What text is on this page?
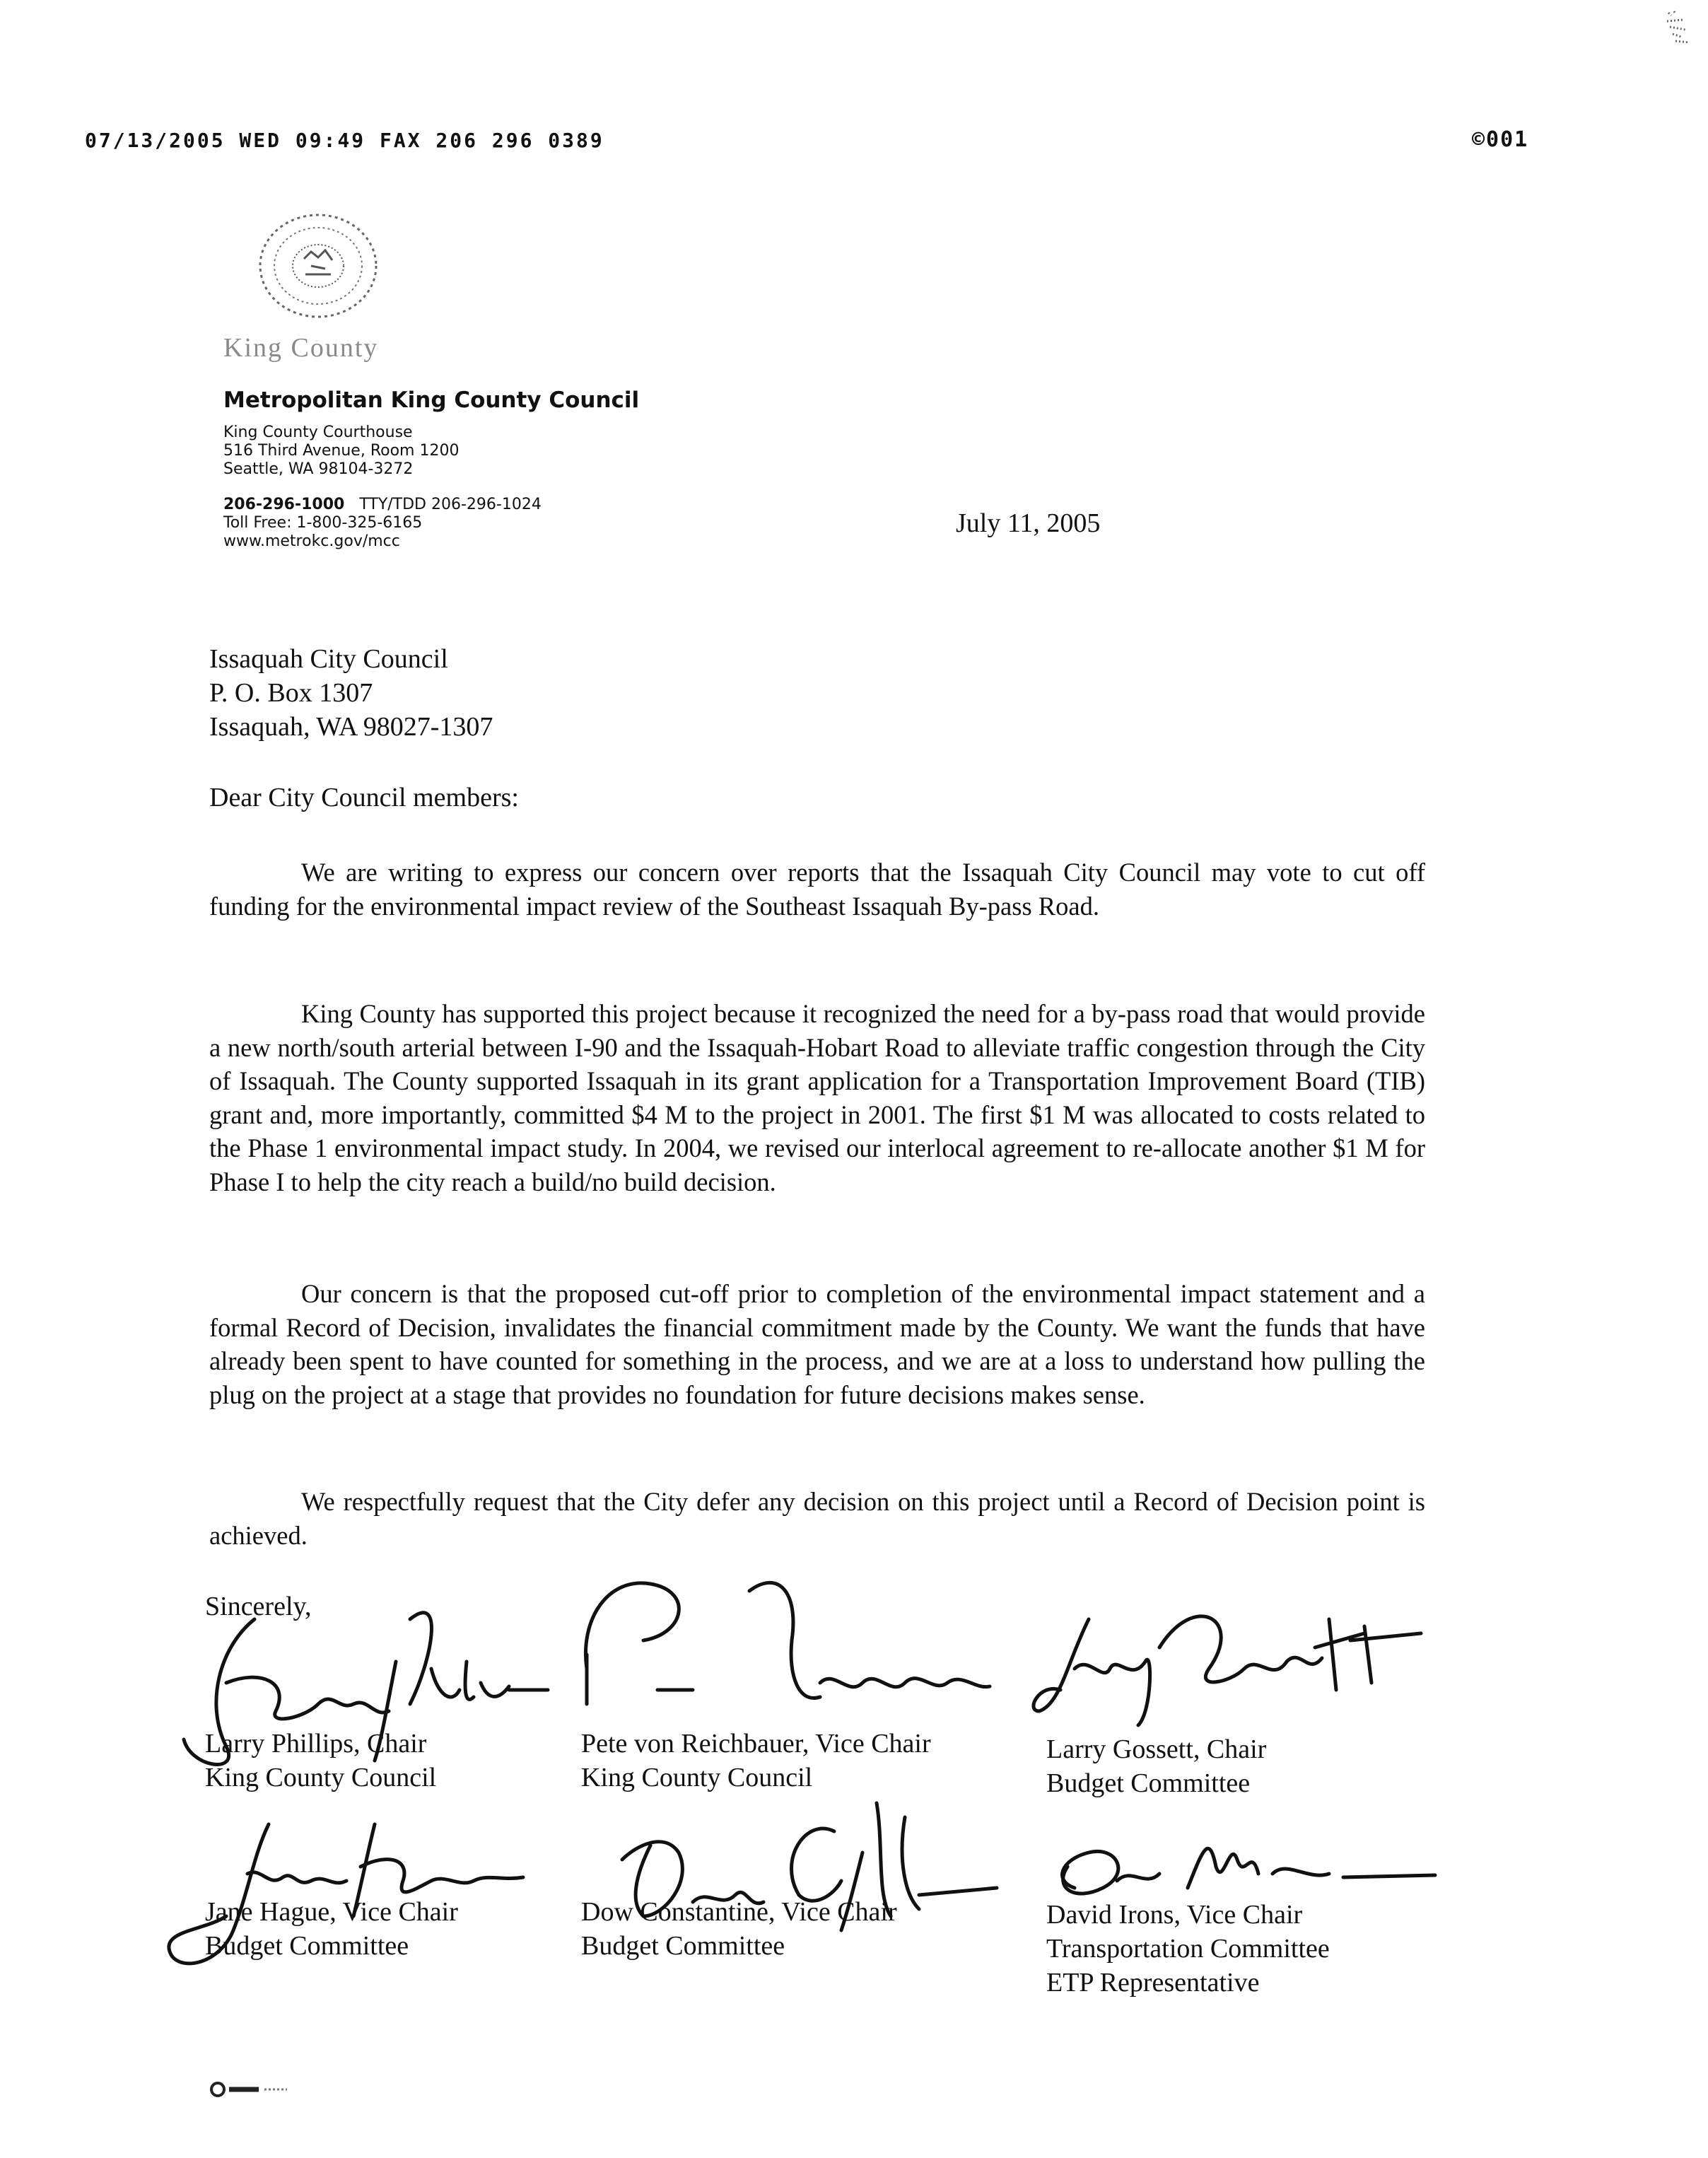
07/13/2005 WED 09:49 FAX 206 296 0389	©001
King County
Metropolitan King County Council
King County Courthouse
516 Third Avenue, Room 1200
Seattle, WA 98104-3272
206-296-1000 TTY/TDD 206-296-1024
Toll Free: 1-800-325-6165
www.metrokc.gov/mcc
July 11, 2005
Issaquah City Council
P. O. Box 1307
Issaquah, WA 98027-1307
Dear City Council members:

We are writing to express our concern over reports that the Issaquah City Council may vote to cut off funding for the environmental impact review of the Southeast Issaquah By-pass Road.

King County has supported this project because it recognized the need for a by-pass road that would provide a new north/south arterial between I-90 and the Issaquah-Hobart Road to alleviate traffic congestion through the City of Issaquah. The County supported Issaquah in its grant application for a Transportation Improvement Board (TIB) grant and, more importantly, committed $4 M to the project in 2001. The first $1 M was allocated to costs related to the Phase 1 environmental impact study. In 2004, we revised our interlocal agreement to re-allocate another $1 M for Phase I to help the city reach a build/no build decision.

Our concern is that the proposed cut-off prior to completion of the environmental impact statement and a formal Record of Decision, invalidates the financial commitment made by the County. We want the funds that have already been spent to have counted for something in the process, and we are at a loss to understand how pulling the plug on the project at a stage that provides no foundation for future decisions makes sense.

We respectfully request that the City defer any decision on this project until a Record of Decision point is achieved.

Sincerely,
Larry Phillips, Chair
King County Council
Pete von Reichbauer, Vice Chair
King County Council
Larry Gossett, Chair
Budget Committee
Jane Hague, Vice Chair
Budget Committee
Dow Constantine, Vice Chair
Budget Committee
David Irons, Vice Chair
Transportation Committee
ETP Representative
